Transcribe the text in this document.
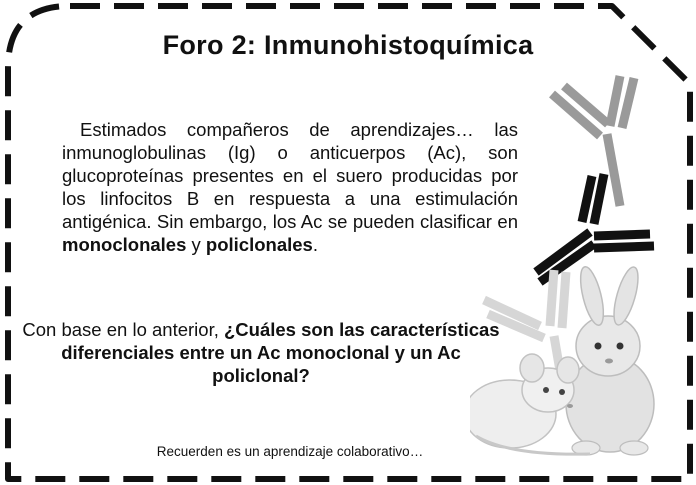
Foro 2: Inmunohistoquímica

Estimados compañeros de aprendizajes… las inmunoglobulinas (Ig) o anticuerpos (Ac), son glucoproteínas presentes en el suero producidas por los linfocitos B en respuesta a una estimulación antigénica. Sin embargo, los Ac se pueden clasificar en monoclonales y policlonales.

Con base en lo anterior, ¿Cuáles son las características diferenciales entre un Ac monoclonal y un Ac policlonal?

Recuerden es un aprendizaje colaborativo…
